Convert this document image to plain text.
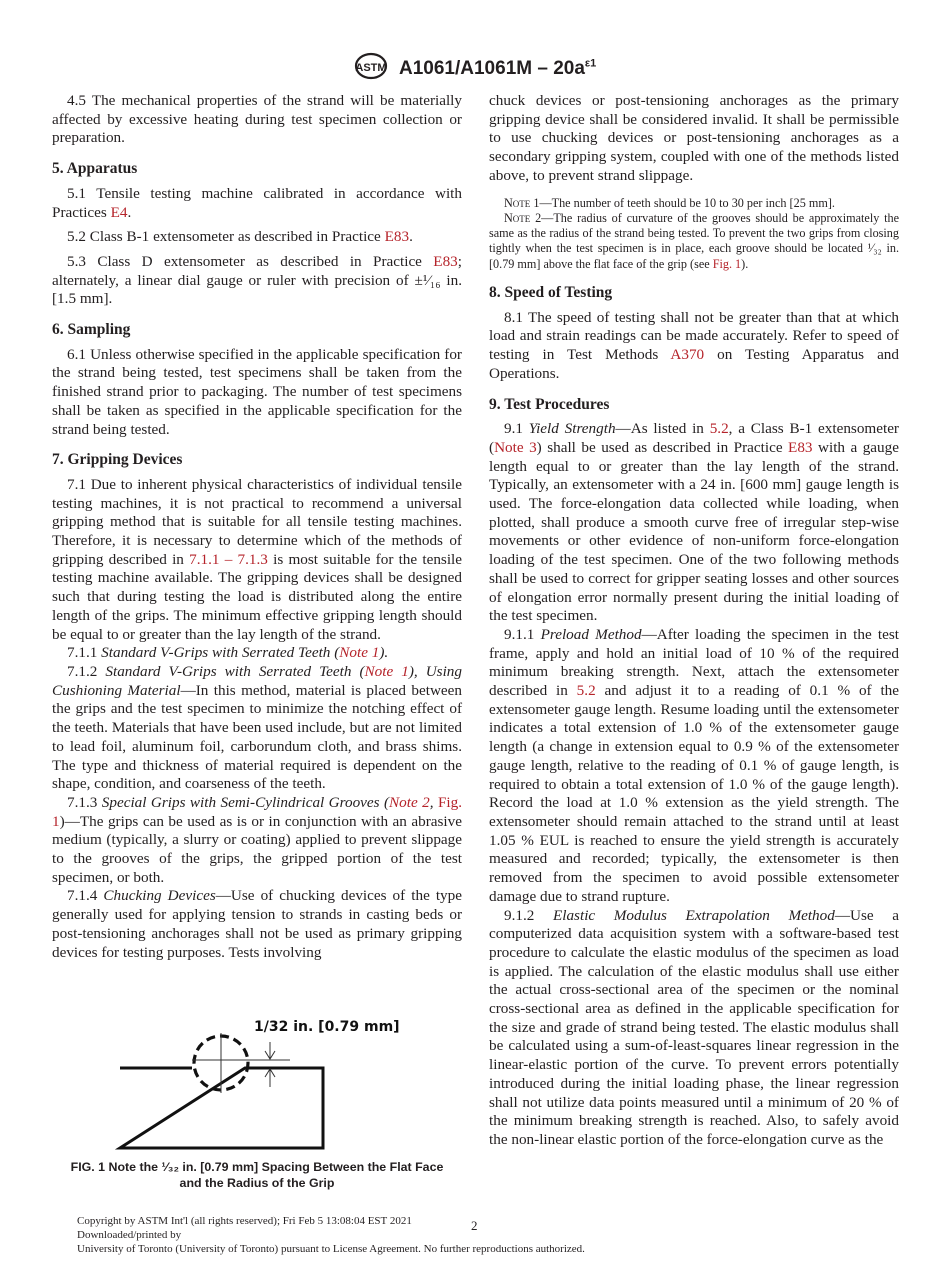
ASTM $A1061/A1061M - 20a^{\varepsilon 1}$

4.5 The mechanical properties of the strand will be materially affected by excessive heating during test specimen collection or preparation.

5. Apparatus

5.1 Tensile testing machine calibrated in accordance with Practices E4.

5.2 Class B-1 extensometer as described in Practice E83.

5.3 Class D extensometer as described in Practice E83; alternately, a linear dial gauge or ruler with precision of ±¹⁄₁₆ in. [1.5 mm].

6. Sampling

6.1 Unless otherwise specified in the applicable specification for the strand being tested, test specimens shall be taken from the finished strand prior to packaging. The number of test specimens shall be taken as specified in the applicable specification for the strand being tested.

7. Gripping Devices

7.1 Due to inherent physical characteristics of individual tensile testing machines, it is not practical to recommend a universal gripping method that is suitable for all tensile testing machines. Therefore, it is necessary to determine which of the methods of gripping described in 7.1.1 – 7.1.3 is most suitable for the tensile testing machine available. The gripping devices shall be designed such that during testing the load is distributed along the entire length of the grips. The minimum effective gripping length should be equal to or greater than the lay length of the strand.

7.1.1 Standard V-Grips with Serrated Teeth (Note 1).

7.1.2 Standard V-Grips with Serrated Teeth (Note 1), Using Cushioning Material—In this method, material is placed between the grips and the test specimen to minimize the notching effect of the teeth. Materials that have been used include, but are not limited to lead foil, aluminum foil, carborundum cloth, and brass shims. The type and thickness of material required is dependent on the shape, condition, and coarseness of the teeth.

7.1.3 Special Grips with Semi-Cylindrical Grooves (Note 2, Fig. 1)—The grips can be used as is or in conjunction with an abrasive medium (typically, a slurry or coating) applied to prevent slippage to the grooves of the grips, the gripped portion of the test specimen, or both.

7.1.4 Chucking Devices—Use of chucking devices of the type generally used for applying tension to strands in casting beds or post-tensioning anchorages shall not be used as primary gripping devices for testing purposes. Tests involving

1/32 in. [0.79 mm]
FIG. 1 Note the ¹⁄₃₂ in. [0.79 mm] Spacing Between the Flat Face
and the Radius of the Grip

chuck devices or post-tensioning anchorages as the primary gripping device shall be considered invalid. It shall be permissible to use chucking devices or post-tensioning anchorages as a secondary gripping system, coupled with one of the methods listed above, to prevent strand slippage.

Note 1—The number of teeth should be 10 to 30 per inch [25 mm].
Note 2—The radius of curvature of the grooves should be approximately the same as the radius of the strand being tested. To prevent the two grips from closing tightly when the test specimen is in place, each groove should be located ¹⁄₃₂ in. [0.79 mm] above the flat face of the grip (see Fig. 1).
8. Speed of Testing

8.1 The speed of testing shall not be greater than that at which load and strain readings can be made accurately. Refer to speed of testing in Test Methods A370 on Testing Apparatus and Operations.

9. Test Procedures

9.1 Yield Strength—As listed in 5.2, a Class B-1 extensometer (Note 3) shall be used as described in Practice E83 with a gauge length equal to or greater than the lay length of the strand. Typically, an extensometer with a 24 in. [600 mm] gauge length is used. The force-elongation data collected while loading, when plotted, shall produce a smooth curve free of irregular step-wise movements or other evidence of non-uniform force-elongation loading of the test specimen. One of the two following methods shall be used to correct for gripper seating losses and other sources of elongation error normally present during the initial loading of the test specimen.

9.1.1 Preload Method—After loading the specimen in the test frame, apply and hold an initial load of 10 % of the required minimum breaking strength. Next, attach the extensometer described in 5.2 and adjust it to a reading of 0.1 % of the extensometer gauge length. Resume loading until the extensometer indicates a total extension of 1.0 % of the extensometer gauge length (a change in extension equal to 0.9 % of the extensometer gauge length, relative to the reading of 0.1 % of gauge length, is required to obtain a total extension of 1.0 % of the gauge length). Record the load at 1.0 % extension as the yield strength. The extensometer should remain attached to the strand until at least 1.05 % EUL is reached to ensure the yield strength is accurately measured and recorded; typically, the extensometer is then removed from the specimen to avoid possible extensometer damage due to strand rupture.

9.1.2 Elastic Modulus Extrapolation Method—Use a computerized data acquisition system with a software-based test procedure to calculate the elastic modulus of the specimen as load is applied. The calculation of the elastic modulus shall use either the actual cross-sectional area of the specimen or the nominal cross-sectional area as defined in the applicable specification for the size and grade of strand being tested. The elastic modulus shall be calculated using a sum-of-least-squares linear regression in the linear-elastic portion of the curve. To prevent errors potentially introduced during the initial loading phase, the linear regression shall not utilize data points measured until a minimum of 20 % of the minimum breaking strength is reached. Also, to safely avoid the non-linear elastic portion of the force-elongation curve as the

Copyright by ASTM Int'l (all rights reserved); Fri Feb 5 13:08:04 EST 2021
Downloaded/printed by
University of Toronto (University of Toronto) pursuant to License Agreement. No further reproductions authorized.
2
